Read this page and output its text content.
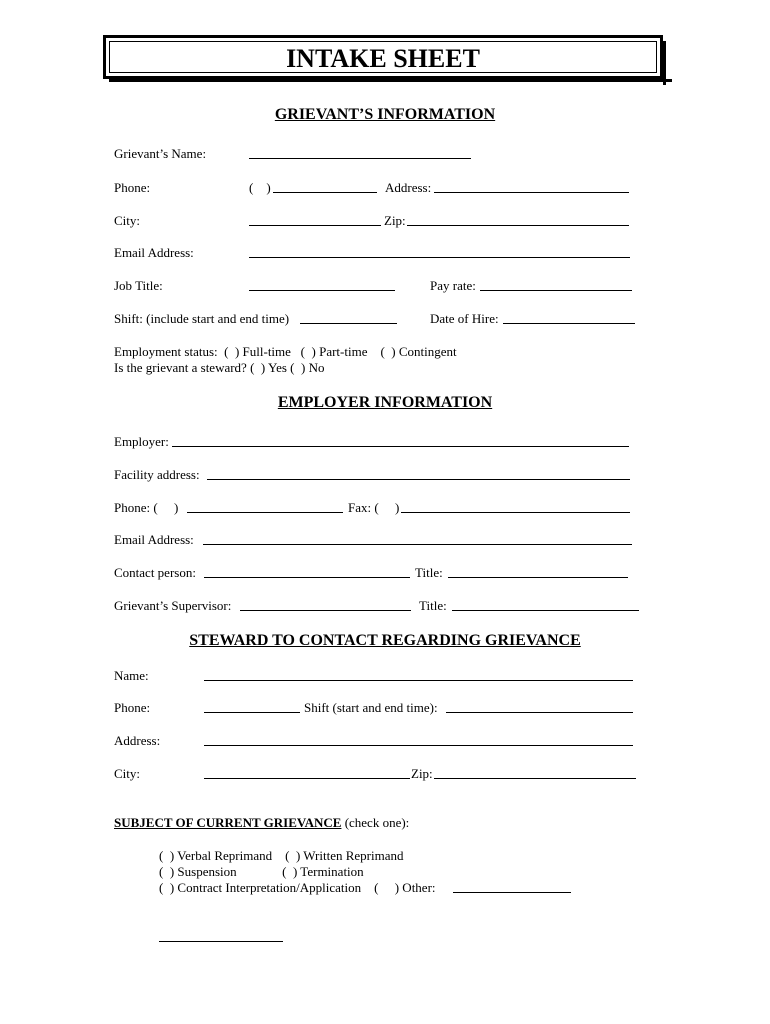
INTAKE SHEET
GRIEVANT’S INFORMATION
Grievant’s Name:
Phone:	(    )	Address:
City:	Zip:
Email Address:
Job Title:	Pay rate:
Shift: (include start and end time)	Date of Hire:
Employment status:  (  ) Full-time   (  ) Part-time    (  ) Contingent
Is the grievant a steward? (  ) Yes (  ) No
EMPLOYER INFORMATION
Employer:
Facility address:
Phone: (     )	Fax: (     )
Email Address:
Contact person:	Title:
Grievant’s Supervisor:	Title:
STEWARD TO CONTACT REGARDING GRIEVANCE
Name:
Phone:	Shift (start and end time):
Address:
City:	Zip:
SUBJECT OF CURRENT GRIEVANCE (check one):
(  ) Verbal Reprimand    (  ) Written Reprimand
(  ) Suspension              (  ) Termination
(  ) Contract Interpretation/Application    (     ) Other:
